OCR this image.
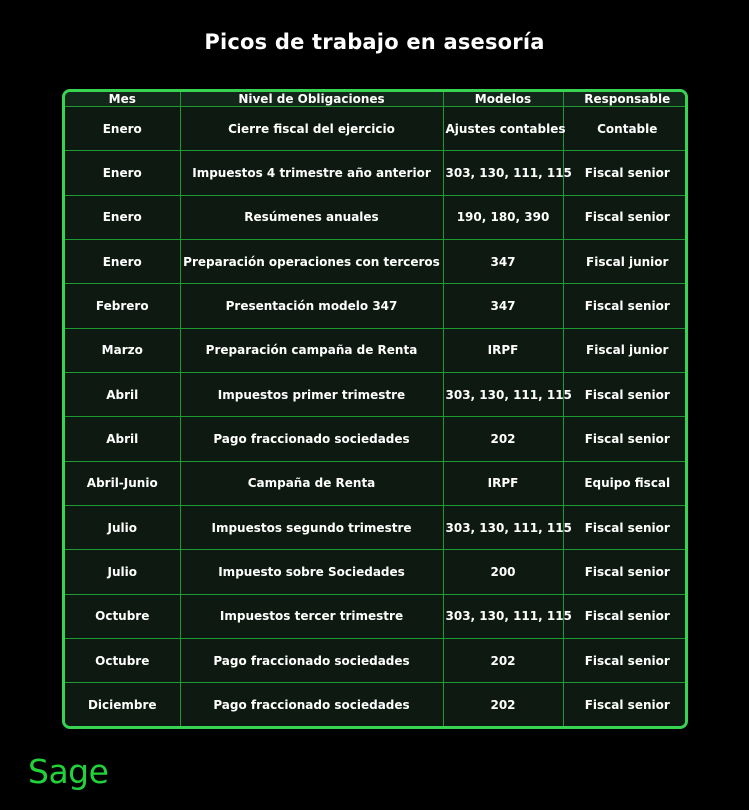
Picos de trabajo en asesoría
Mes	Nivel de Obligaciones	Modelos	Responsable
Enero	Cierre fiscal del ejercicio	Ajustes contables	Contable
Enero	Impuestos 4 trimestre año anterior	303, 130, 111, 115	Fiscal senior
Enero	Resúmenes anuales	190, 180, 390	Fiscal senior
Enero	Preparación operaciones con terceros	347	Fiscal junior
Febrero	Presentación modelo 347	347	Fiscal senior
Marzo	Preparación campaña de Renta	IRPF	Fiscal junior
Abril	Impuestos primer trimestre	303, 130, 111, 115	Fiscal senior
Abril	Pago fraccionado sociedades	202	Fiscal senior
Abril-Junio	Campaña de Renta	IRPF	Equipo fiscal
Julio	Impuestos segundo trimestre	303, 130, 111, 115	Fiscal senior
Julio	Impuesto sobre Sociedades	200	Fiscal senior
Octubre	Impuestos tercer trimestre	303, 130, 111, 115	Fiscal senior
Octubre	Pago fraccionado sociedades	202	Fiscal senior
Diciembre	Pago fraccionado sociedades	202	Fiscal senior
Sage
